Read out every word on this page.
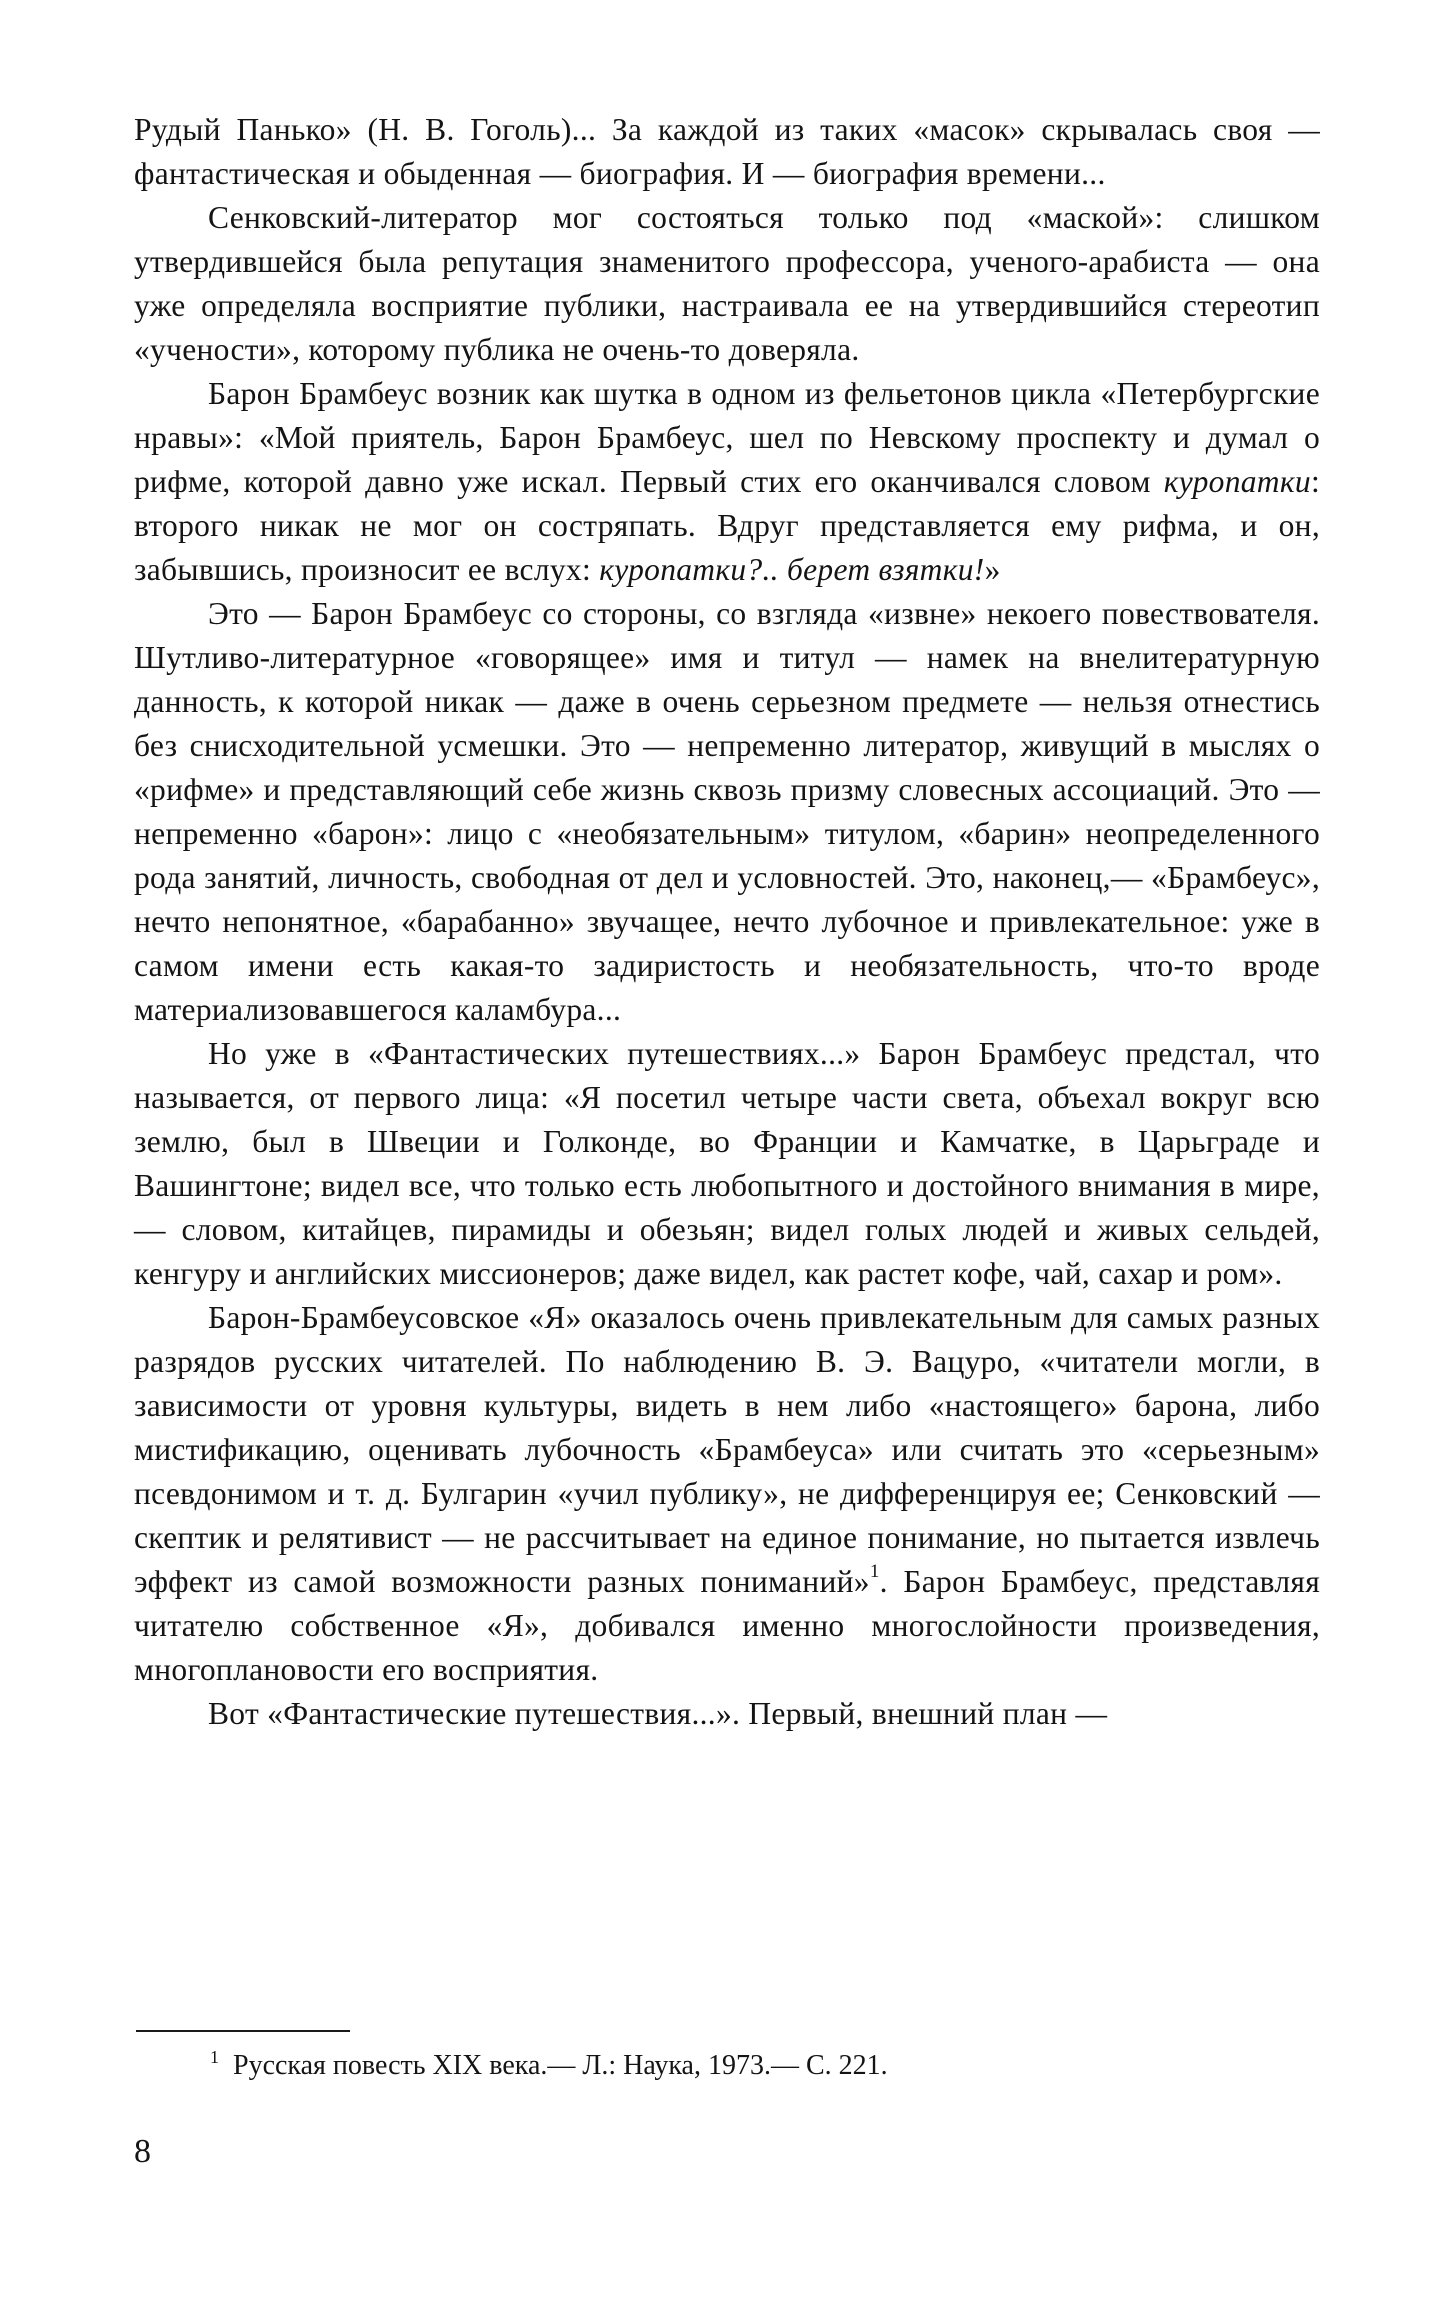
Рудый Панько» (Н. В. Гоголь)... За каждой из таких «масок» скрывалась своя — фантастическая и обыденная — биография. И — биография времени...

Сенковский-литератор мог состояться только под «маской»: слишком утвердившейся была репутация знаменитого профессора, ученого-арабиста — она уже определяла восприятие публики, настраивала ее на утвердившийся стереотип «учености», которому публика не очень-то доверяла.

Барон Брамбеус возник как шутка в одном из фельетонов цикла «Петербургские нравы»: «Мой приятель, Барон Брамбеус, шел по Невскому проспекту и думал о рифме, которой давно уже искал. Первый стих его оканчивался словом куропатки: второго никак не мог он состряпать. Вдруг представляется ему рифма, и он, забывшись, произносит ее вслух: куропатки?.. берет взятки!»

Это — Барон Брамбеус со стороны, со взгляда «извне» некоего повествователя. Шутливо-литературное «говорящее» имя и титул — намек на внелитературную данность, к которой никак — даже в очень серьезном предмете — нельзя отнестись без снисходительной усмешки. Это — непременно литератор, живущий в мыслях о «рифме» и представляющий себе жизнь сквозь призму словесных ассоциаций. Это — непременно «барон»: лицо с «необязательным» титулом, «барин» неопределенного рода занятий, личность, свободная от дел и условностей. Это, наконец,— «Брамбеус», нечто непонятное, «барабанно» звучащее, нечто лубочное и привлекательное: уже в самом имени есть какая-то задиристость и необязательность, что-то вроде материализовавшегося каламбура...

Но уже в «Фантастических путешествиях...» Барон Брамбеус предстал, что называется, от первого лица: «Я посетил четыре части света, объехал вокруг всю землю, был в Швеции и Голконде, во Франции и Камчатке, в Царьграде и Вашингтоне; видел все, что только есть любопытного и достойного внимания в мире,— словом, китайцев, пирамиды и обезьян; видел голых людей и живых сельдей, кенгуру и английских миссионеров; даже видел, как растет кофе, чай, сахар и ром».

Барон-Брамбеусовское «Я» оказалось очень привлекательным для самых разных разрядов русских читателей. По наблюдению В. Э. Вацуро, «читатели могли, в зависимости от уровня культуры, видеть в нем либо «настоящего» барона, либо мистификацию, оценивать лубочность «Брамбеуса» или считать это «серьезным» псевдонимом и т. д. Булгарин «учил публику», не дифференцируя ее; Сенковский — скептик и релятивист — не рассчитывает на единое понимание, но пытается извлечь эффект из самой возможности разных пониманий»$^1$. Барон Брамбеус, представляя читателю собственное «Я», добивался именно многослойности произведения, многоплановости его восприятия.

Вот «Фантастические путешествия...». Первый, внешний план —

$^1$ Русская повесть XIX века.— Л.: Наука, 1973.— С. 221.

8
